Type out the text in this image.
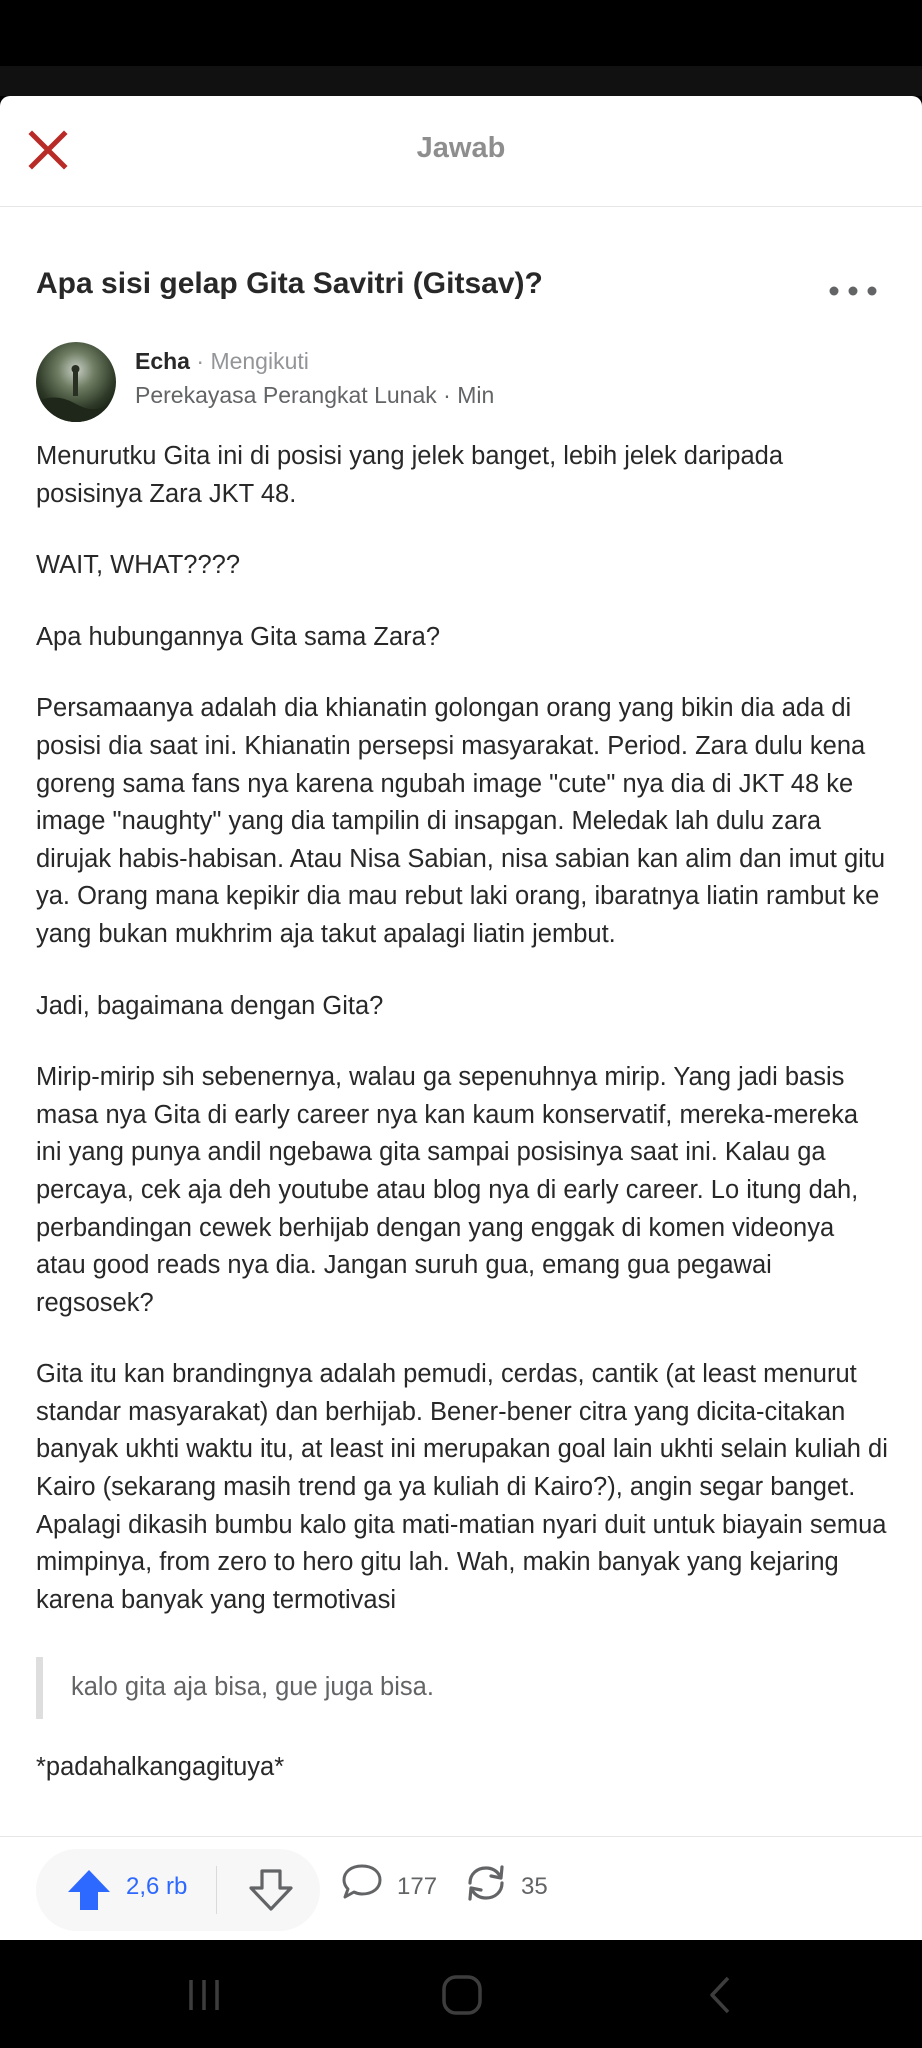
Jawab
Apa sisi gelap Gita Savitri (Gitsav)?
Echa · Mengikuti
Perekayasa Perangkat Lunak · Min

Menurutku Gita ini di posisi yang jelek banget, lebih jelek daripada posisinya Zara JKT 48.

WAIT, WHAT????

Apa hubungannya Gita sama Zara?

Persamaanya adalah dia khianatin golongan orang yang bikin dia ada di posisi dia saat ini. Khianatin persepsi masyarakat. Period. Zara dulu kena goreng sama fans nya karena ngubah image "cute" nya dia di JKT 48 ke image "naughty" yang dia tampilin di insapgan. Meledak lah dulu zara dirujak habis-habisan. Atau Nisa Sabian, nisa sabian kan alim dan imut gitu ya. Orang mana kepikir dia mau rebut laki orang, ibaratnya liatin rambut ke yang bukan mukhrim aja takut apalagi liatin jembut.

Jadi, bagaimana dengan Gita?

Mirip-mirip sih sebenernya, walau ga sepenuhnya mirip. Yang jadi basis masa nya Gita di early career nya kan kaum konservatif, mereka-mereka ini yang punya andil ngebawa gita sampai posisinya saat ini. Kalau ga percaya, cek aja deh youtube atau blog nya di early career. Lo itung dah, perbandingan cewek berhijab dengan yang enggak di komen videonya atau good reads nya dia. Jangan suruh gua, emang gua pegawai regsosek?

Gita itu kan brandingnya adalah pemudi, cerdas, cantik (at least menurut standar masyarakat) dan berhijab. Bener-bener citra yang dicita-citakan banyak ukhti waktu itu, at least ini merupakan goal lain ukhti selain kuliah di Kairo (sekarang masih trend ga ya kuliah di Kairo?), angin segar banget. Apalagi dikasih bumbu kalo gita mati-matian nyari duit untuk biayain semua mimpinya, from zero to hero gitu lah. Wah, makin banyak yang kejaring karena banyak yang termotivasi

kalo gita aja bisa, gue juga bisa.

*padahalkangagituya*

2,6 rb	177	35
